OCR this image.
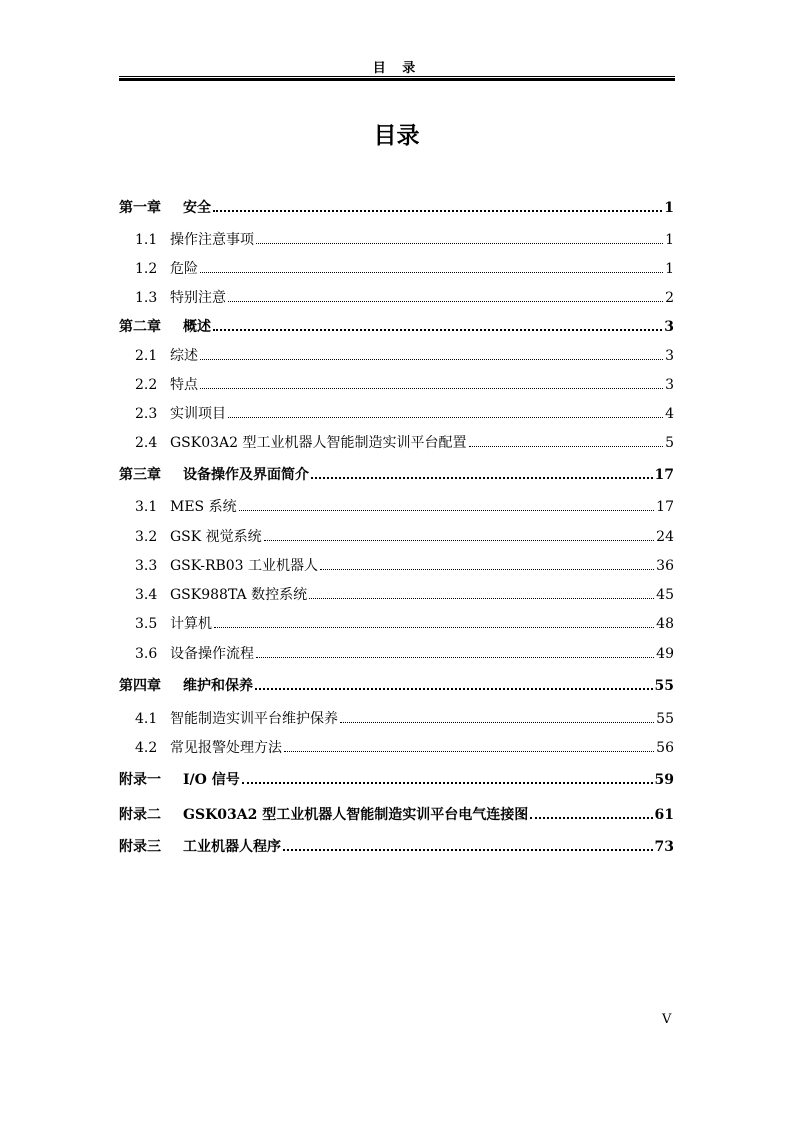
目 录
目录
第一章	安全	1
1.1 操作注意事项	1
1.2 危险	1
1.3 特别注意	2
第二章	概述	3
2.1 综述	3
2.2 特点	3
2.3 实训项目	4
2.4 GSK03A2 型工业机器人智能制造实训平台配置	5
第三章	设备操作及界面简介	17
3.1 MES 系统	17
3.2 GSK 视觉系统	24
3.3 GSK-RB03 工业机器人	36
3.4 GSK988TA 数控系统	45
3.5 计算机	48
3.6 设备操作流程	49
第四章	维护和保养	55
4.1 智能制造实训平台维护保养	55
4.2 常见报警处理方法	56
附录一	I/O 信号	59
附录二	GSK03A2 型工业机器人智能制造实训平台电气连接图	61
附录三	工业机器人程序	73
V
